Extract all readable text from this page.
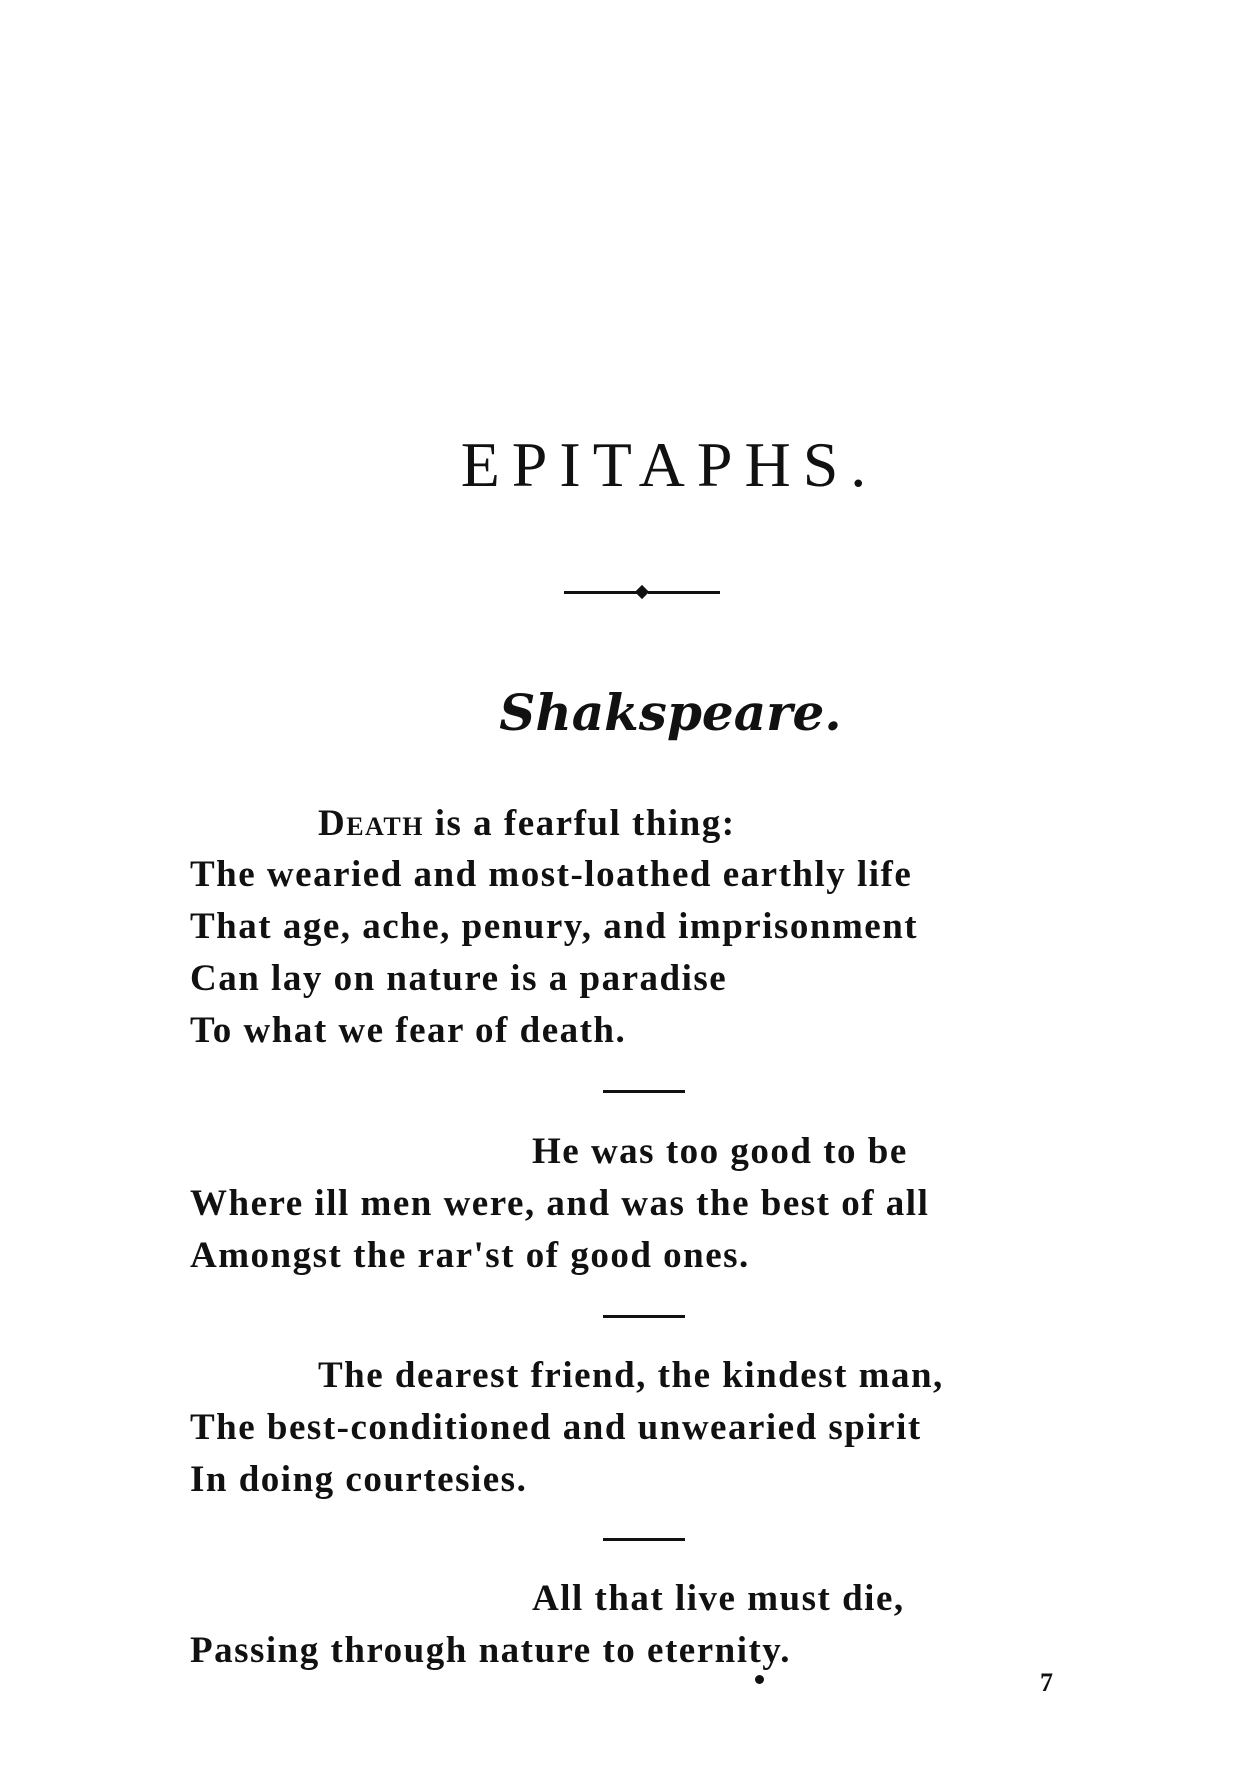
EPITAPHS.
Shakspeare.
Death is a fearful thing:
The wearied and most-loathed earthly life
That age, ache, penury, and imprisonment
Can lay on nature is a paradise
To what we fear of death.
He was too good to be
Where ill men were, and was the best of all
Amongst the rar'st of good ones.
The dearest friend, the kindest man,
The best-conditioned and unwearied spirit
In doing courtesies.
All that live must die,
Passing through nature to eternity.
7
